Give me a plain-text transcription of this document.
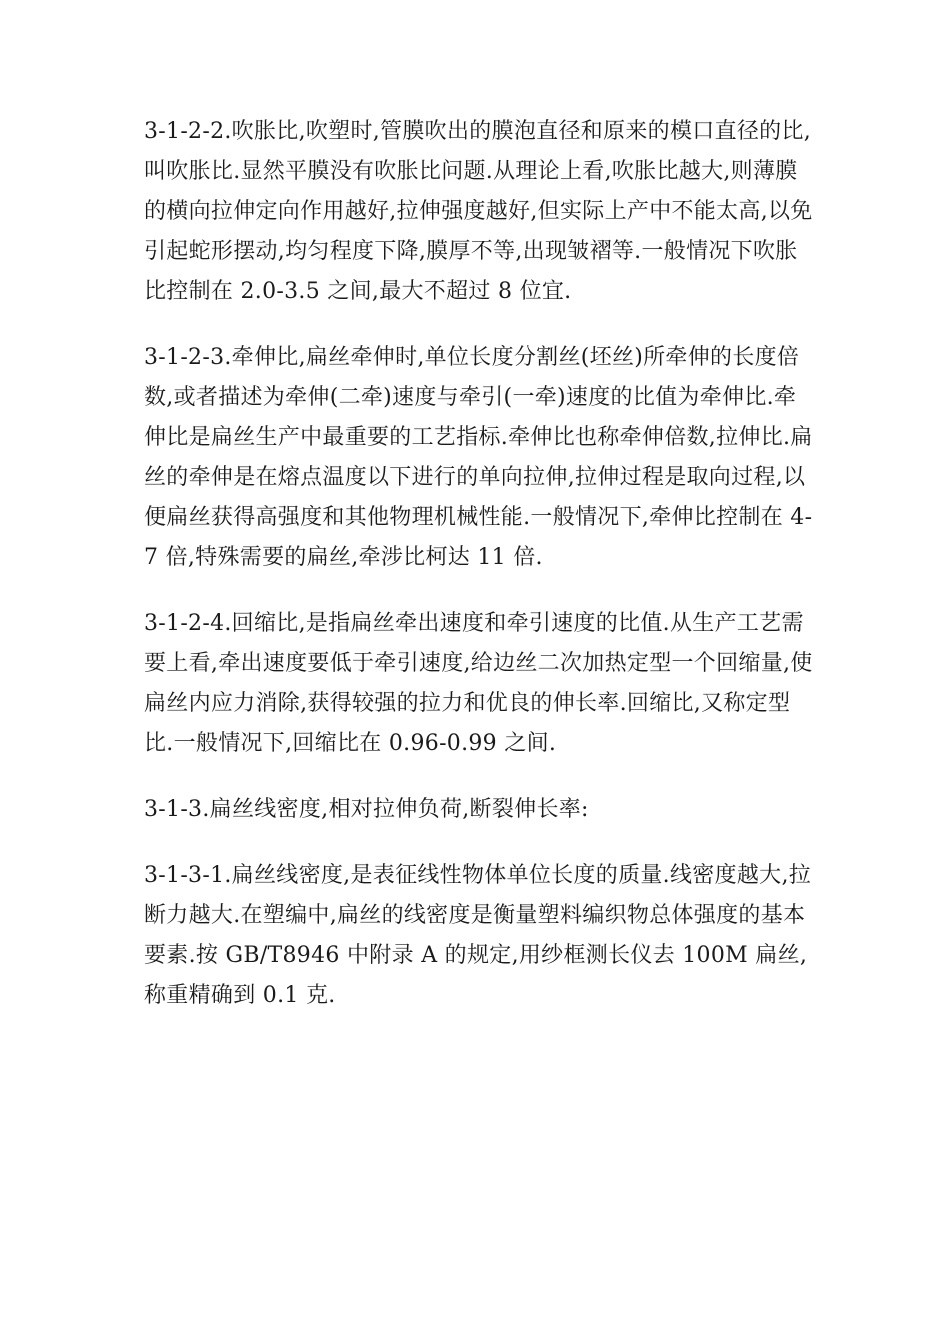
3-1-2-2.吹胀比,吹塑时,管膜吹出的膜泡直径和原来的模口直径的比,叫吹胀比.显然平膜没有吹胀比问题.从理论上看,吹胀比越大,则薄膜的横向拉伸定向作用越好,拉伸强度越好,但实际上产中不能太高,以免引起蛇形摆动,均匀程度下降,膜厚不等,出现皱褶等.一般情况下吹胀比控制在 2.0-3.5 之间,最大不超过 8 位宜.

3-1-2-3.牵伸比,扁丝牵伸时,单位长度分割丝(坯丝)所牵伸的长度倍数,或者描述为牵伸(二牵)速度与牵引(一牵)速度的比值为牵伸比.牵伸比是扁丝生产中最重要的工艺指标.牵伸比也称牵伸倍数,拉伸比.扁丝的牵伸是在熔点温度以下进行的单向拉伸,拉伸过程是取向过程,以便扁丝获得高强度和其他物理机械性能.一般情况下,牵伸比控制在 4-7 倍,特殊需要的扁丝,牵涉比柯达 11 倍.

3-1-2-4.回缩比,是指扁丝牵出速度和牵引速度的比值.从生产工艺需要上看,牵出速度要低于牵引速度,给边丝二次加热定型一个回缩量,使扁丝内应力消除,获得较强的拉力和优良的伸长率.回缩比,又称定型比.一般情况下,回缩比在 0.96-0.99 之间.

3-1-3.扁丝线密度,相对拉伸负荷,断裂伸长率:

3-1-3-1.扁丝线密度,是表征线性物体单位长度的质量.线密度越大,拉断力越大.在塑编中,扁丝的线密度是衡量塑料编织物总体强度的基本要素.按 GB/T8946 中附录 A 的规定,用纱框测长仪去 100M 扁丝,称重精确到 0.1 克.
